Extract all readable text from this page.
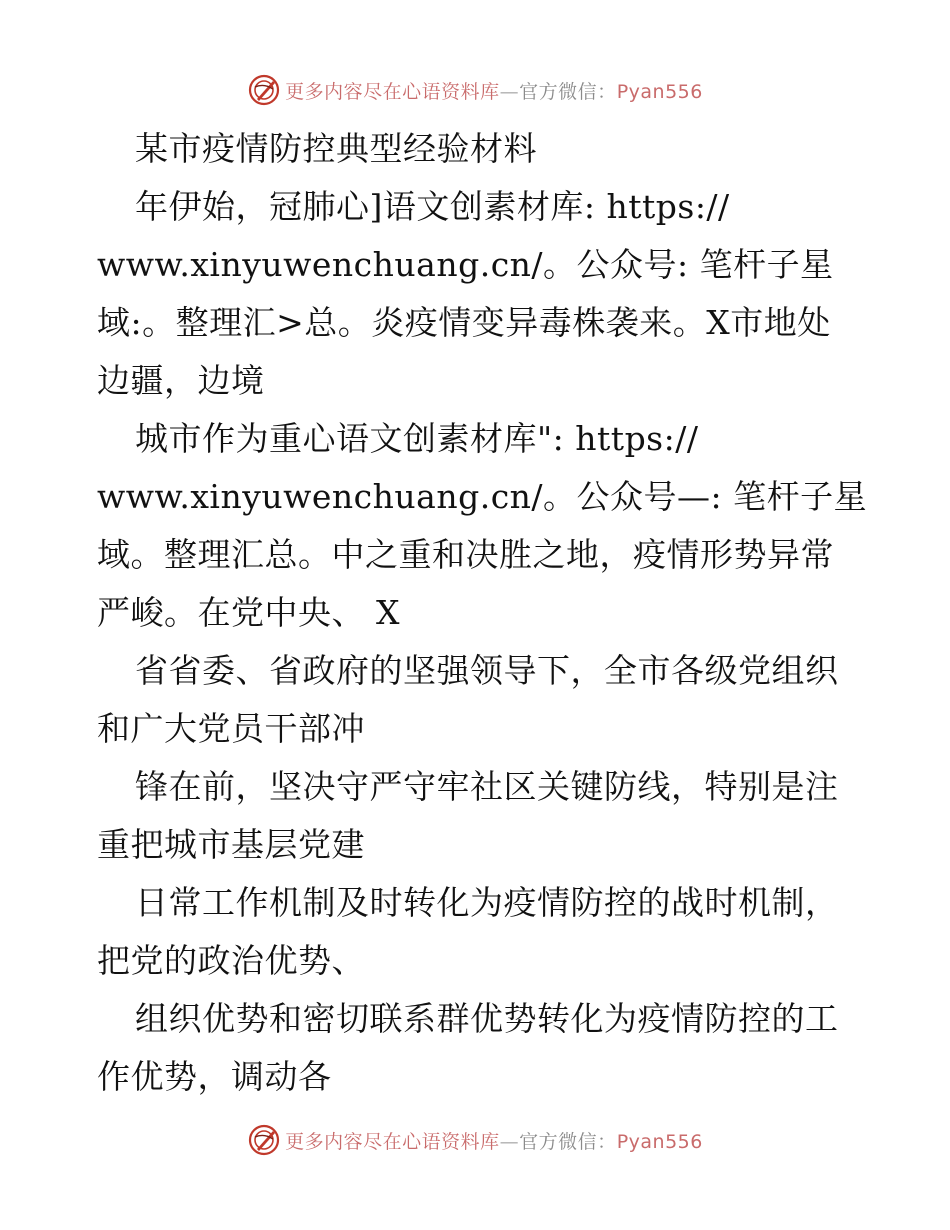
更多内容尽在心语资料库—官方微信：Pyan556
某市疫情防控典型经验材料
年伊始，冠肺心]语文创素材库: https://
www.xinyuwenchuang.cn/。公众号: 笔杆子星
域:。整理汇>总。炎疫情变异毒株袭来。X市地处
边疆，边境
城市作为重心语文创素材库": https://
www.xinyuwenchuang.cn/。公众号—: 笔杆子星
域。整理汇总。中之重和决胜之地，疫情形势异常
严峻。在党中央、 X
省省委、省政府的坚强领导下，全市各级党组织
和广大党员干部冲
锋在前，坚决守严守牢社区关键防线，特别是注
重把城市基层党建
日常工作机制及时转化为疫情防控的战时机制，
把党的政治优势、
组织优势和密切联系群优势转化为疫情防控的工
作优势，调动各
更多内容尽在心语资料库—官方微信：Pyan556
